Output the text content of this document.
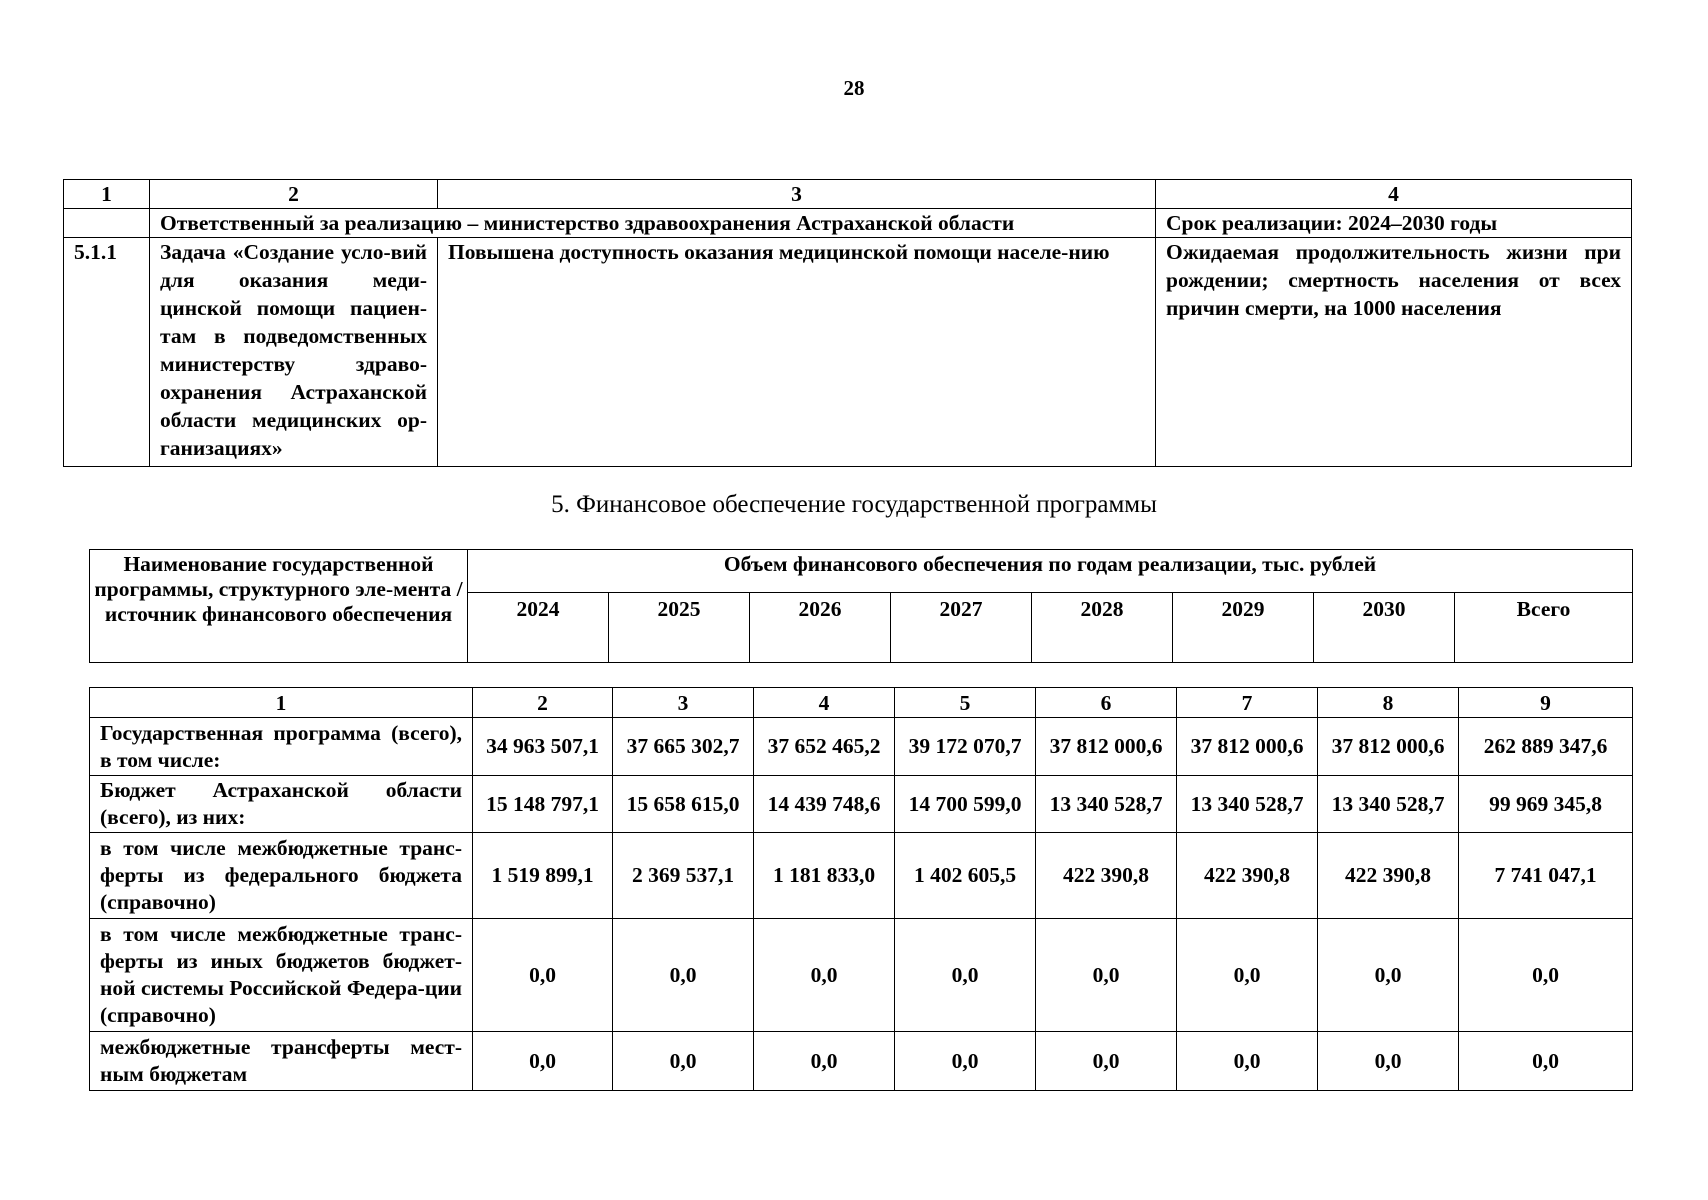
28
1	2	3	4
	Ответственный за реализацию – министерство здравоохранения Астраханской области		Срок реализации: 2024–2030 годы
5.1.1	Задача «Создание усло-вий для оказания меди-цинской помощи пациен-там в подведомственных министерству здраво-охранения Астраханской области медицинских ор-ганизациях»	Повышена доступность оказания медицинской помощи населе-нию	Ожидаемая продолжительность жизни при рождении; смертность населения от всех причин смерти, на 1000 населения
5. Финансовое обеспечение государственной программы
Наименование государственной программы, структурного эле-мента / источник финансового обеспечения	Объем финансового обеспечения по годам реализации, тыс. рублей							
	2024	2025	2026	2027	2028	2029	2030	Всего
1	2	3	4	5	6	7	8	9
Государственная программа (всего), в том числе:	34 963 507,1	37 665 302,7	37 652 465,2	39 172 070,7	37 812 000,6	37 812 000,6	37 812 000,6	262 889 347,6
Бюджет Астраханской области (всего), из них:	15 148 797,1	15 658 615,0	14 439 748,6	14 700 599,0	13 340 528,7	13 340 528,7	13 340 528,7	99 969 345,8
в том числе межбюджетные транс-ферты из федерального бюджета (справочно)	1 519 899,1	2 369 537,1	1 181 833,0	1 402 605,5	422 390,8	422 390,8	422 390,8	7 741 047,1
в том числе межбюджетные транс-ферты из иных бюджетов бюджет-ной системы Российской Федера-ции (справочно)	0,0	0,0	0,0	0,0	0,0	0,0	0,0	0,0
межбюджетные трансферты мест-ным бюджетам	0,0	0,0	0,0	0,0	0,0	0,0	0,0	0,0
